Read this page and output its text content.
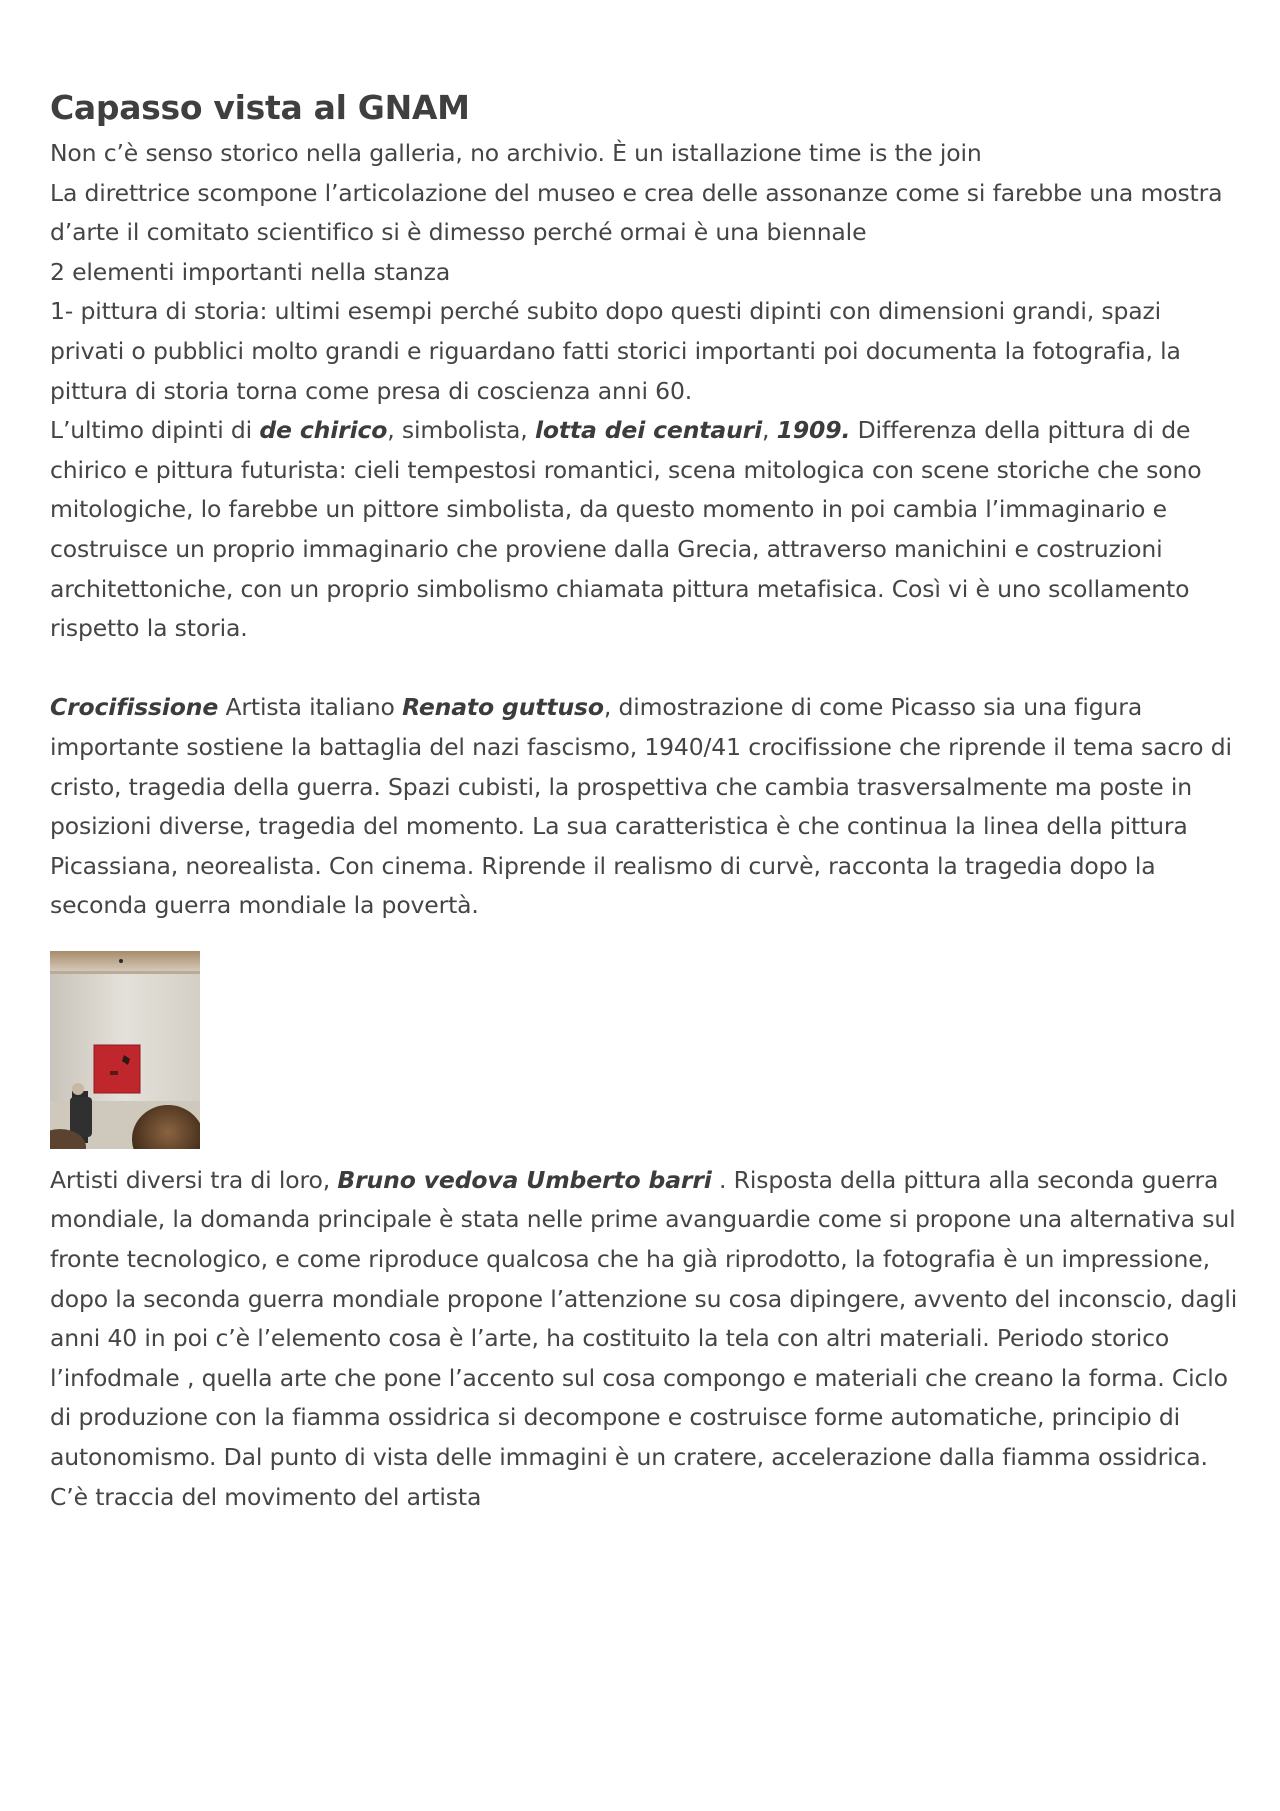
Capasso vista al GNAM

Non c’è senso storico nella galleria, no archivio. È un istallazione time is the join

La direttrice scompone l’articolazione del museo e crea delle assonanze come si farebbe una mostra d’arte il comitato scientifico si è dimesso perché ormai è una biennale

2 elementi importanti nella stanza

1- pittura di storia: ultimi esempi perché subito dopo questi dipinti con dimensioni grandi, spazi privati o pubblici molto grandi e riguardano fatti storici importanti poi documenta la fotografia, la pittura di storia torna come presa di coscienza anni 60.

L’ultimo dipinti di de chirico, simbolista, lotta dei centauri, 1909. Differenza della pittura di de chirico e pittura futurista: cieli tempestosi romantici, scena mitologica con scene storiche che sono mitologiche, lo farebbe un pittore simbolista, da questo momento in poi cambia l’immaginario e costruisce un proprio immaginario che proviene dalla Grecia, attraverso manichini e costruzioni architettoniche, con un proprio simbolismo chiamata pittura metafisica. Così vi è uno scollamento rispetto la storia.

Crocifissione Artista italiano Renato guttuso, dimostrazione di come Picasso sia una figura importante sostiene la battaglia del nazi fascismo, 1940/41 crocifissione che riprende il tema sacro di cristo, tragedia della guerra. Spazi cubisti, la prospettiva che cambia trasversalmente ma poste in posizioni diverse, tragedia del momento. La sua caratteristica è che continua la linea della pittura Picassiana, neorealista. Con cinema. Riprende il realismo di curvè, racconta la tragedia dopo la seconda guerra mondiale la povertà.

Artisti diversi tra di loro, Bruno vedova Umberto barri . Risposta della pittura alla seconda guerra mondiale, la domanda principale è stata nelle prime avanguardie come si propone una alternativa sul fronte tecnologico, e come riproduce qualcosa che ha già riprodotto, la fotografia è un impressione, dopo la seconda guerra mondiale propone l’attenzione su cosa dipingere, avvento del inconscio, dagli anni 40 in poi c’è l’elemento cosa è l’arte, ha costituito la tela con altri materiali. Periodo storico l’infodmale , quella arte che pone l’accento sul cosa compongo e materiali che creano la forma. Ciclo di produzione con la fiamma ossidrica si decompone e costruisce forme automatiche, principio di autonomismo. Dal punto di vista delle immagini è un cratere, accelerazione dalla fiamma ossidrica. C’è traccia del movimento del artista
